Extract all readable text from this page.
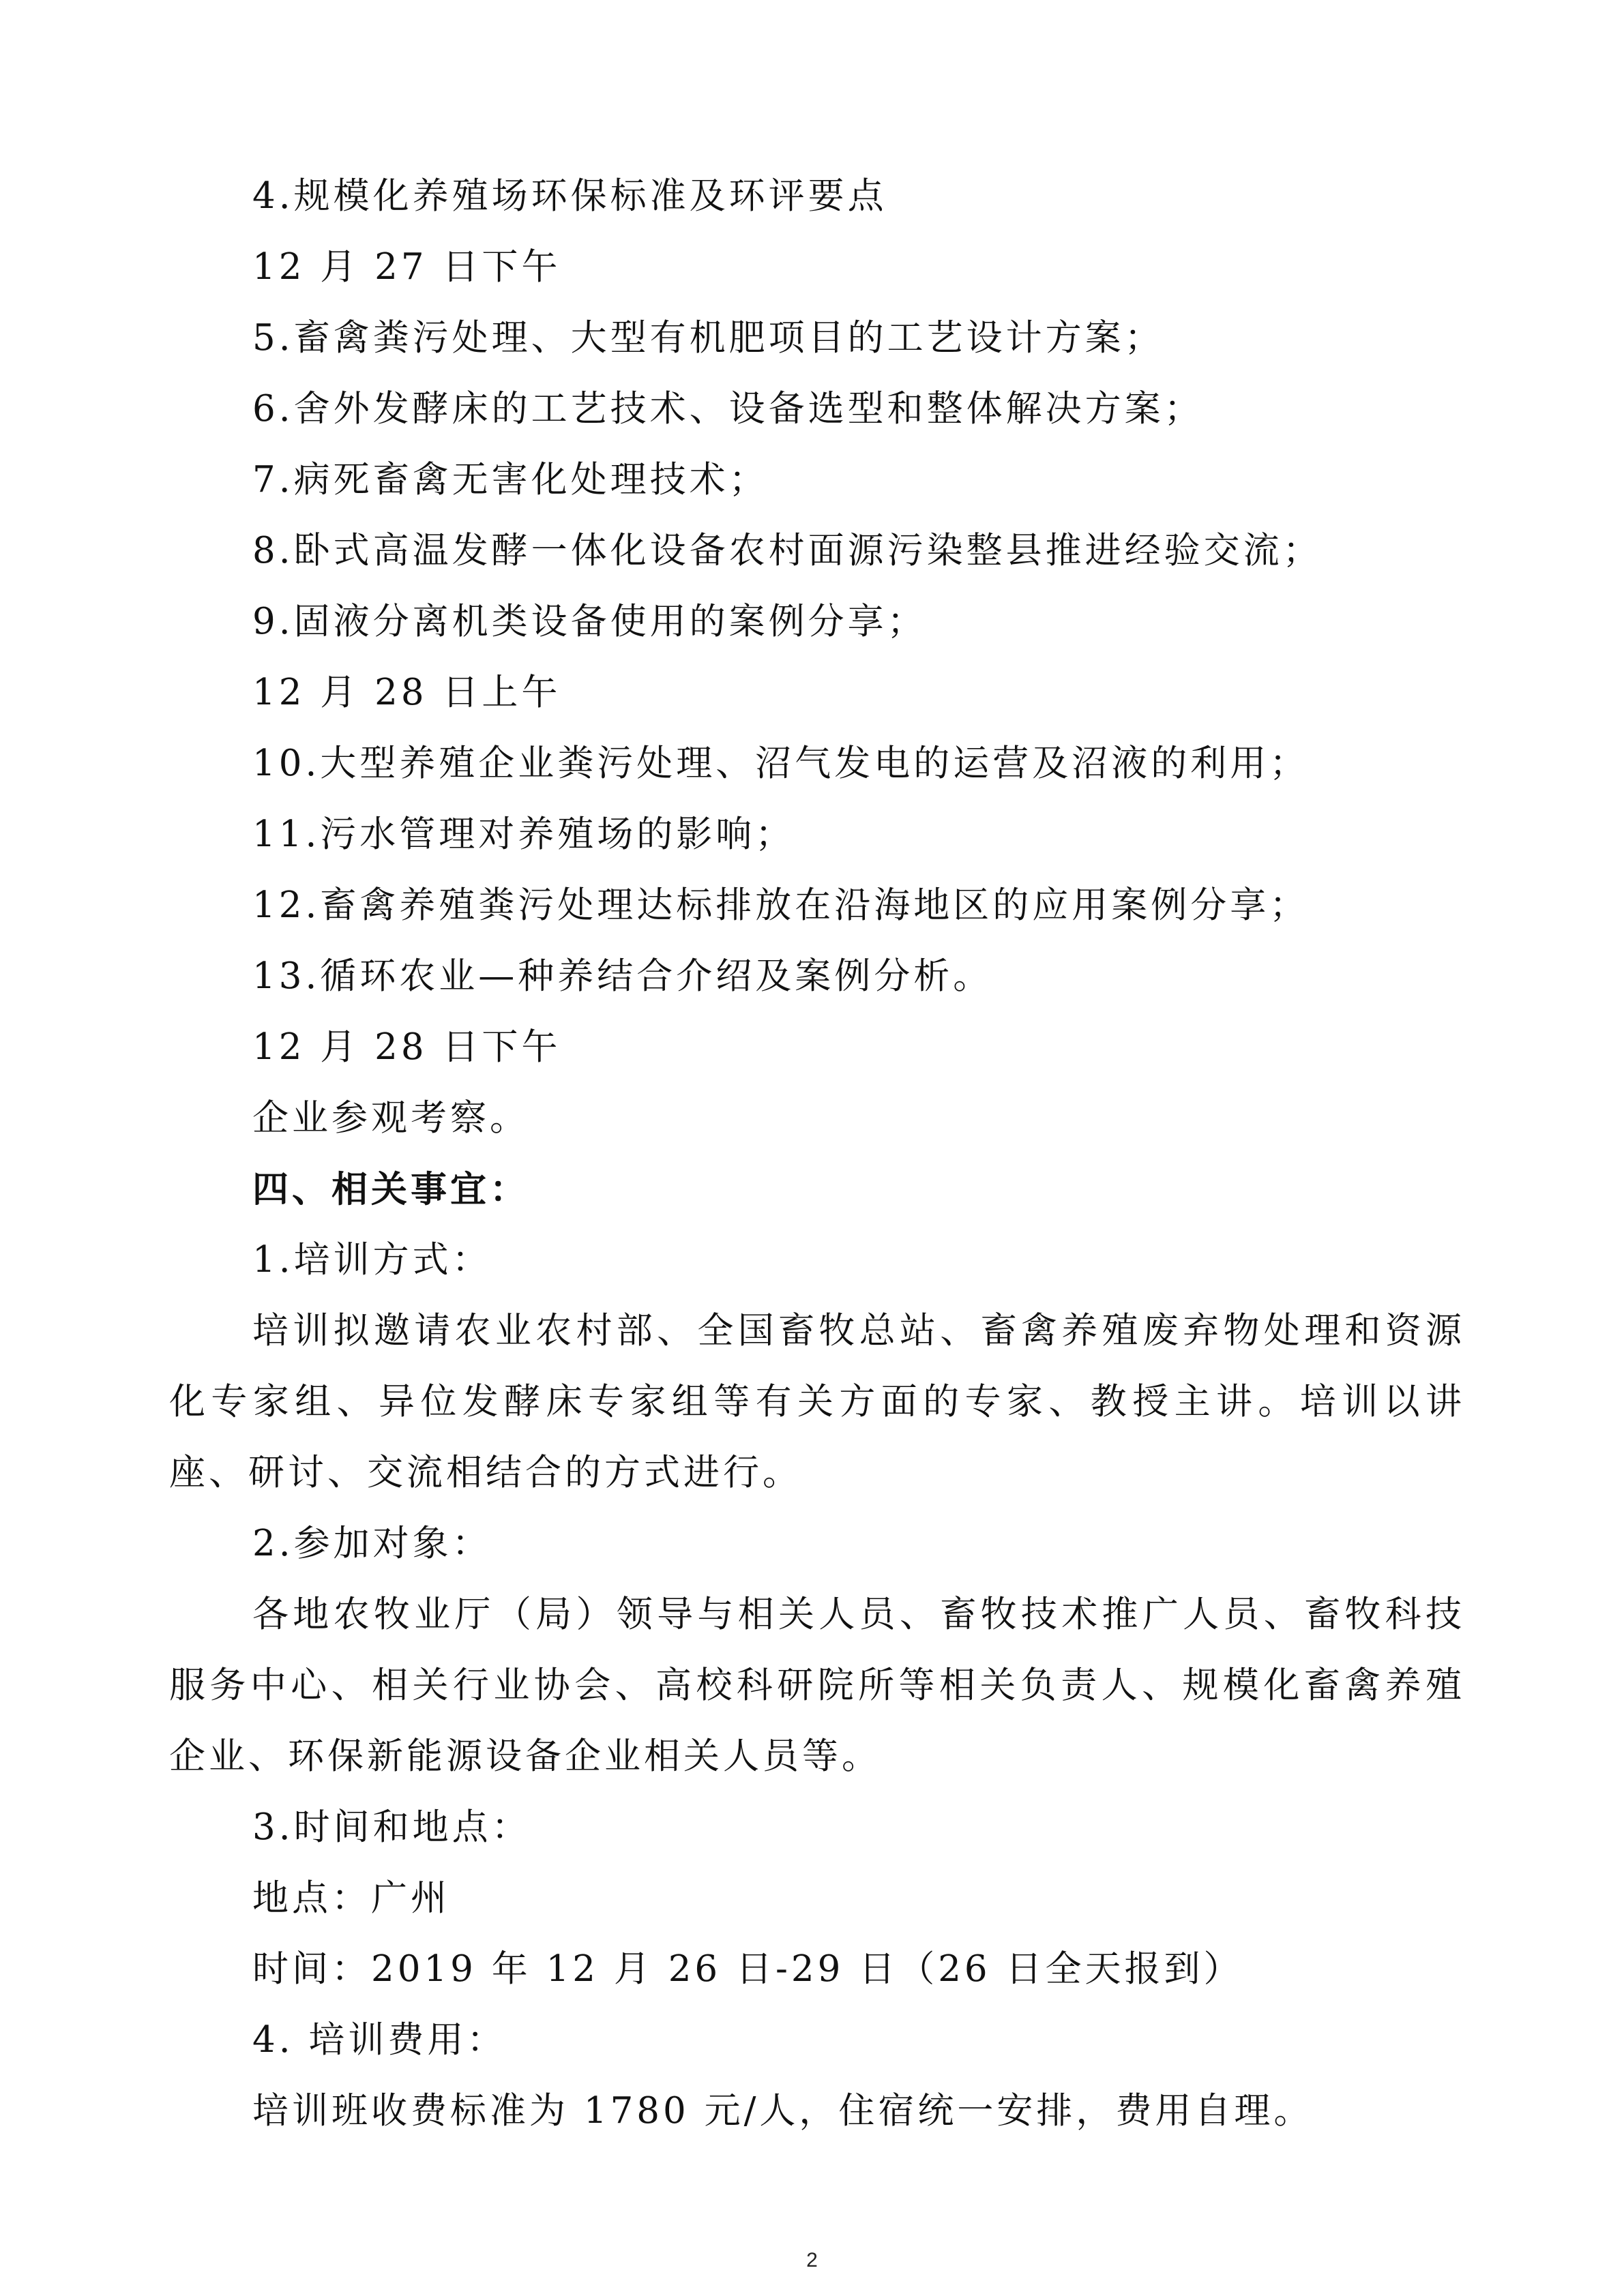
4.规模化养殖场环保标准及环评要点
12 月 27 日下午
5.畜禽粪污处理、大型有机肥项目的工艺设计方案；
6.舍外发酵床的工艺技术、设备选型和整体解决方案；
7.病死畜禽无害化处理技术；
8.卧式高温发酵一体化设备农村面源污染整县推进经验交流；
9.固液分离机类设备使用的案例分享；
12 月 28 日上午
10.大型养殖企业粪污处理、沼气发电的运营及沼液的利用；
11.污水管理对养殖场的影响；
12.畜禽养殖粪污处理达标排放在沿海地区的应用案例分享；
13.循环农业—种养结合介绍及案例分析。
12 月 28 日下午
企业参观考察。
四、相关事宜：
1.培训方式：
培训拟邀请农业农村部、全国畜牧总站、畜禽养殖废弃物处理和资源化专家组、异位发酵床专家组等有关方面的专家、教授主讲。培训以讲座、研讨、交流相结合的方式进行。
2.参加对象：
各地农牧业厅（局）领导与相关人员、畜牧技术推广人员、畜牧科技服务中心、相关行业协会、高校科研院所等相关负责人、规模化畜禽养殖企业、环保新能源设备企业相关人员等。
3.时间和地点：
地点：广州
时间：2019 年 12 月 26 日-29 日（26 日全天报到）
4. 培训费用：
培训班收费标准为 1780 元/人，住宿统一安排，费用自理。
2
